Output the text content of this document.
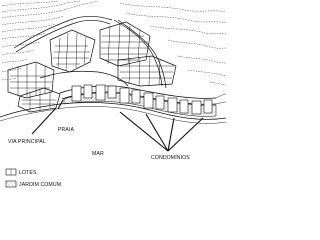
PRAIA
VIA PRINCIPAL
MAR
CONDOMÍNIOS
LOTES
JARDIM COMUM
